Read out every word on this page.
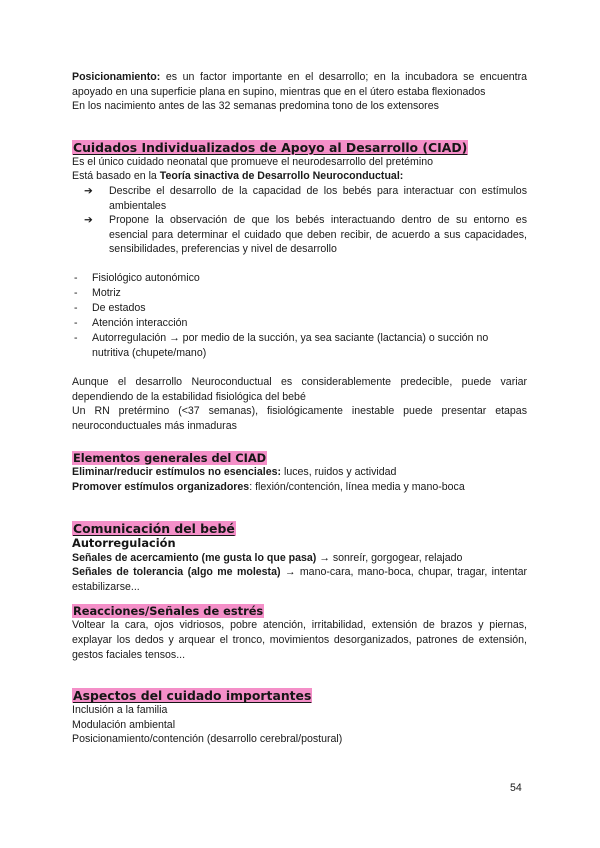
Posicionamiento: es un factor importante en el desarrollo; en la incubadora se encuentra apoyado en una superficie plana en supino, mientras que en el útero estaba flexionados

En los nacimiento antes de las 32 semanas predomina tono de los extensores

Cuidados Individualizados de Apoyo al Desarrollo (CIAD)

Es el único cuidado neonatal que promueve el neurodesarrollo del pretémino

Está basado en la Teoría sinactiva de Desarrollo Neuroconductual:

➔ Describe el desarrollo de la capacidad de los bebés para interactuar con estímulos ambientales
➔ Propone la observación de que los bebés interactuando dentro de su entorno es esencial para determinar el cuidado que deben recibir, de acuerdo a sus capacidades, sensibilidades, preferencias y nivel de desarrollo
- Fisiológico autonómico
- Motriz
- De estados
- Atención interacción
- Autorregulación → por medio de la succión, ya sea saciante (lactancia) o succión no nutritiva (chupete/mano)

Aunque el desarrollo Neuroconductual es considerablemente predecible, puede variar dependiendo de la estabilidad fisiológica del bebé

Un RN pretérmino (<37 semanas), fisiológicamente inestable puede presentar etapas neuroconductuales más inmaduras

Elementos generales del CIAD

Eliminar/reducir estímulos no esenciales: luces, ruidos y actividad

Promover estímulos organizadores: flexión/contención, línea media y mano-boca

Comunicación del bebé

Autorregulación

Señales de acercamiento (me gusta lo que pasa) → sonreír, gorgogear, relajado

Señales de tolerancia (algo me molesta) → mano-cara, mano-boca, chupar, tragar, intentar estabilizarse...

Reacciones/Señales de estrés

Voltear la cara, ojos vidriosos, pobre atención, irritabilidad, extensión de brazos y piernas, explayar los dedos y arquear el tronco, movimientos desorganizados, patrones de extensión, gestos faciales tensos...

Aspectos del cuidado importantes

Inclusión a la familia

Modulación ambiental

Posicionamiento/contención (desarrollo cerebral/postural)

54
